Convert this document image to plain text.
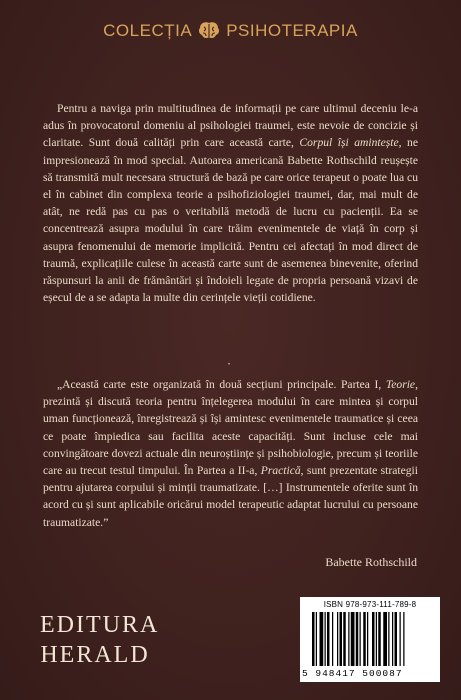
COLECȚIA PSIHOTERAPIA

Pentru a naviga prin multitudinea de informații pe care ultimul deceniu le-a adus în provocatorul domeniu al psihologiei traumei, este nevoie de concizie și claritate. Sunt două calități prin care această carte, Corpul își amintește, ne impresionează în mod special. Autoarea americană Babette Rothschild reușește să transmită mult necesara structură de bază pe care orice terapeut o poate lua cu el în cabinet din complexa teorie a psihofiziologiei traumei, dar, mai mult de atât, ne redă pas cu pas o veritabilă metodă de lucru cu pacienții. Ea se concentrează asupra modului în care trăim evenimentele de viață în corp și asupra fenomenului de memorie implicită. Pentru cei afectați în mod direct de traumă, explicațiile culese în această carte sunt de asemenea binevenite, oferind răspunsuri la anii de frământări și îndoieli legate de propria persoană vizavi de eșecul de a se adapta la multe din cerințele vieții cotidiene.

•

„Această carte este organizată în două secțiuni principale. Partea I, Teorie, prezintă și discută teoria pentru înțelegerea modului în care mintea și corpul uman funcționează, înregistrează și își amintesc evenimentele traumatice și ceea ce poate împiedica sau facilita aceste capacități. Sunt incluse cele mai convingătoare dovezi actuale din neuroștiințe și psihobiologie, precum și teoriile care au trecut testul timpului. În Partea a II-a, Practică, sunt prezentate strategii pentru ajutarea corpului și minții traumatizate. […] Instrumentele oferite sunt în acord cu și sunt aplicabile oricărui model terapeutic adaptat lucrului cu persoane traumatizate.”

Babette Rothschild
EDITURA
HERALD
ISBN 978-973-111-789-8
5 948417 500087
